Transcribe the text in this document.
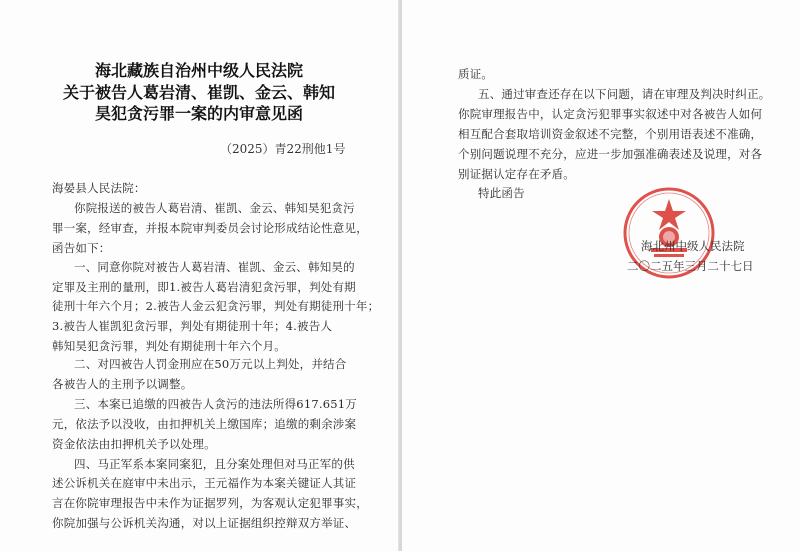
海北藏族自治州中级人民法院
关于被告人葛岩清、崔凯、金云、韩知
昊犯贪污罪一案的内审意见函
（2025）青22刑他1号
海晏县人民法院：
你院报送的被告人葛岩清、崔凯、金云、韩知昊犯贪污
罪一案，经审查，并报本院审判委员会讨论形成结论性意见，
函告如下：
一、同意你院对被告人葛岩清、崔凯、金云、韩知昊的
定罪及主刑的量刑，即1.被告人葛岩清犯贪污罪，判处有期
徒刑十年六个月；2.被告人金云犯贪污罪，判处有期徒刑十年；
3.被告人崔凯犯贪污罪，判处有期徒刑十年；4.被告人
韩知昊犯贪污罪，判处有期徒刑十年六个月。
二、对四被告人罚金刑应在50万元以上判处，并结合
各被告人的主刑予以调整。
三、本案已追缴的四被告人贪污的违法所得617.651万
元，依法予以没收，由扣押机关上缴国库；追缴的剩余涉案
资金依法由扣押机关予以处理。
四、马正军系本案同案犯，且分案处理但对马正军的供
述公诉机关在庭审中未出示，王元福作为本案关键证人其证
言在你院审理报告中未作为证据罗列，为客观认定犯罪事实，
你院加强与公诉机关沟通，对以上证据组织控辩双方举证、
质证。
五、通过审查还存在以下问题，请在审理及判决时纠正。
你院审理报告中，认定贪污犯罪事实叙述中对各被告人如何
相互配合套取培训资金叙述不完整，个别用语表述不准确，
个别问题说理不充分，应进一步加强准确表述及说理，对各
别证据认定存在矛盾。
特此函告
海北州中级人民法院
二〇二五年三月二十七日
